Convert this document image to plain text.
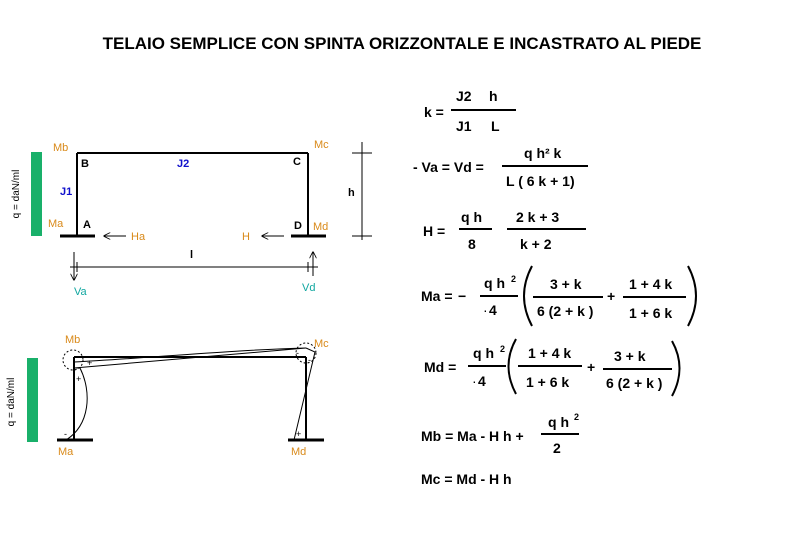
TELAIO SEMPLICE CON SPINTA ORIZZONTALE E INCASTRATO AL PIEDE
q = daN/ml
Mb	Mc
Ma	Md
B	C
A	D
J1
J2
Ha	H
h
l
Va	Vd
q = daN/ml
+
-
+
-
-
+
Mb	Mc
Ma	Md
k =
J2 h
J1 L
- Va = Vd =
q h² k
L ( 6 k + 1)
H =
q h
8
2 k + 3
k + 2
Ma = −
q h 2
· 4
3 + k
6 (2 + k )
+
1 + 4 k
1 + 6 k
Md =
q h 2
· 4
1 + 4 k
1 + 6 k
+
3 + k
6 (2 + k )
Mb = Ma - H h +
q h 2
2
Mc = Md - H h
